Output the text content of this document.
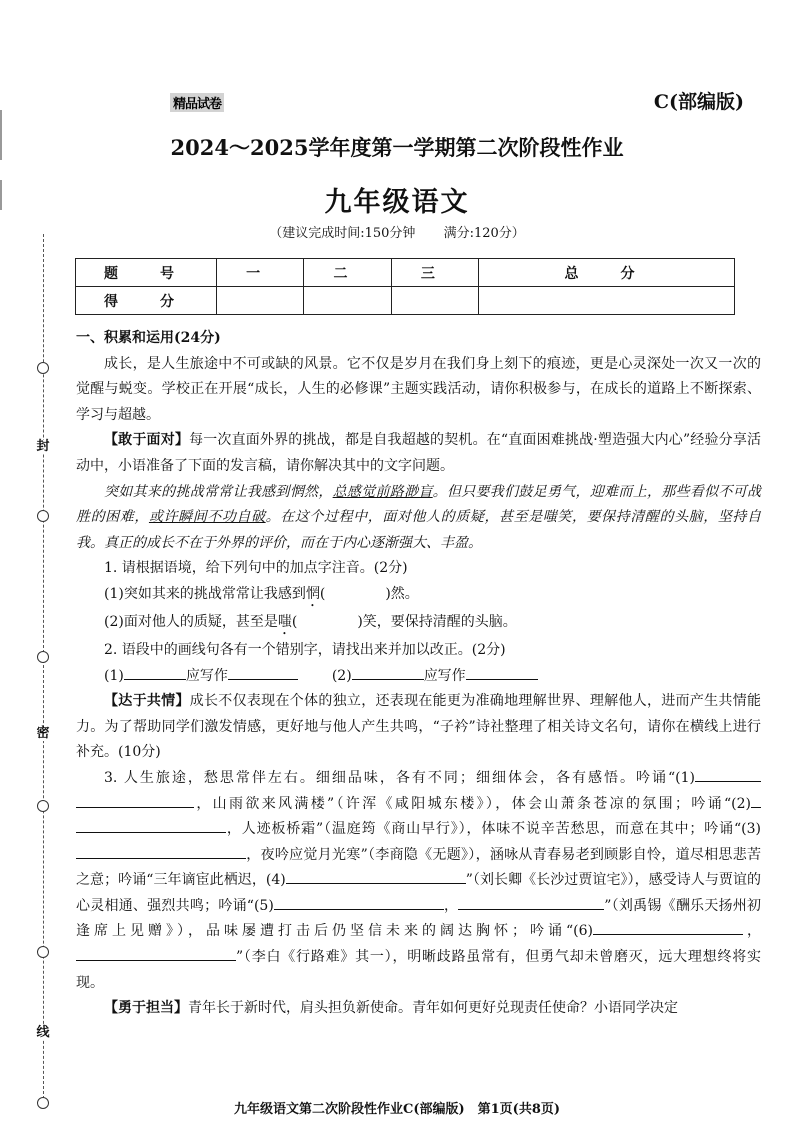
封
密
线
精品试卷	C(部编版)
2024～2025学年度第一学期第二次阶段性作业
九年级语文
（建议完成时间:150分钟 满分:120分）
题　号	一	二	三	总　分
得　分				

一、积累和运用(24分)

成长，是人生旅途中不可或缺的风景。它不仅是岁月在我们身上刻下的痕迹，更是心灵深处一次又一次的觉醒与蜕变。学校正在开展“成长，人生的必修课”主题实践活动，请你积极参与，在成长的道路上不断探索、学习与超越。

【敢于面对】每一次直面外界的挑战，都是自我超越的契机。在“直面困难挑战·塑造强大内心”经验分享活动中，小语准备了下面的发言稿，请你解决其中的文字问题。

突如其来的挑战常常让我感到惘然，总感觉前路渺盲。但只要我们鼓足勇气，迎难而上，那些看似不可战胜的困难，或许瞬间不功自破。在这个过程中，面对他人的质疑，甚至是嗤笑，要保持清醒的头脑，坚持自我。真正的成长不在于外界的评价，而在于内心逐渐强大、丰盈。

1. 请根据语境，给下列句中的加点字注音。(2分)

(1)突如其来的挑战常常让我感到惘(	)然。

(2)面对他人的质疑，甚至是嗤(	)笑，要保持清醒的头脑。

2. 语段中的画线句各有一个错别字，请找出来并加以改正。(2分)

(1)	应写作	(2)	应写作

【达于共情】成长不仅表现在个体的独立，还表现在能更为准确地理解世界、理解他人，进而产生共情能力。为了帮助同学们激发情感，更好地与他人产生共鸣，“子衿”诗社整理了相关诗文名句，请你在横线上进行补充。(10分)

3. 人生旅途，愁思常伴左右。细细品味，各有不同；细细体会，各有感悟。吟诵“(1)，山雨欲来风满楼”（许浑《咸阳城东楼》），体会山萧条苍凉的氛围；吟诵“(2)，人迹板桥霜”（温庭筠《商山早行》），体味不说辛苦愁思，而意在其中；吟诵“(3)，夜吟应觉月光寒”（李商隐《无题》），涵咏从青春易老到顾影自怜，道尽相思悲苦之意；吟诵“三年谪宦此栖迟，(4)	”（刘长卿《长沙过贾谊宅》），感受诗人与贾谊的心灵相通、强烈共鸣；吟诵“(5)	，	”（刘禹锡《酬乐天扬州初逢席上见赠》），品味屡遭打击后仍坚信未来的阔达胸怀；吟诵“(6)	，”（李白《行路难》其一），明晰歧路虽常有，但勇气却未曾磨灭，远大理想终将实现。

【勇于担当】青年长于新时代，肩头担负新使命。青年如何更好兑现责任使命？小语同学决定

九年级语文第二次阶段性作业C(部编版)　第1页(共8页)
